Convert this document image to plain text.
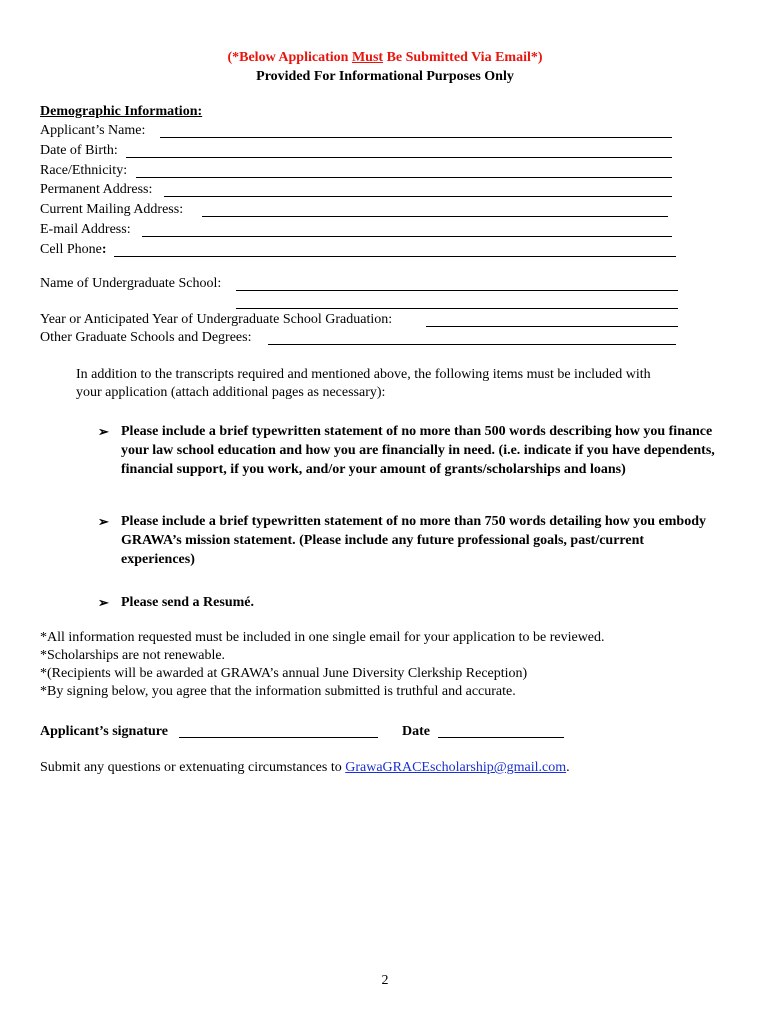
(*Below Application Must Be Submitted Via Email*)
Provided For Informational Purposes Only
Demographic Information:
Applicant’s Name:
Date of Birth:
Race/Ethnicity:
Permanent Address:
Current Mailing Address:
E-mail Address:
Cell Phone:
Name of Undergraduate School:
Year or Anticipated Year of Undergraduate School Graduation:
Other Graduate Schools and Degrees:
In addition to the transcripts required and mentioned above, the following items must be included with
your application (attach additional pages as necessary):
➢ Please include a brief typewritten statement of no more than 500 words describing how you finance your law school education and how you are financially in need. (i.e. indicate if you have dependents, financial support, if you work, and/or your amount of grants/scholarships and loans)
➢ Please include a brief typewritten statement of no more than 750 words detailing how you embody GRAWA’s mission statement. (Please include any future professional goals, past/current experiences)
➢ Please send a Resumé.
*All information requested must be included in one single email for your application to be reviewed.
*Scholarships are not renewable.
*(Recipients will be awarded at GRAWA’s annual June Diversity Clerkship Reception)
*By signing below, you agree that the information submitted is truthful and accurate.
Applicant’s signature	Date
Submit any questions or extenuating circumstances to GrawaGRACEscholarship@gmail.com.
2
